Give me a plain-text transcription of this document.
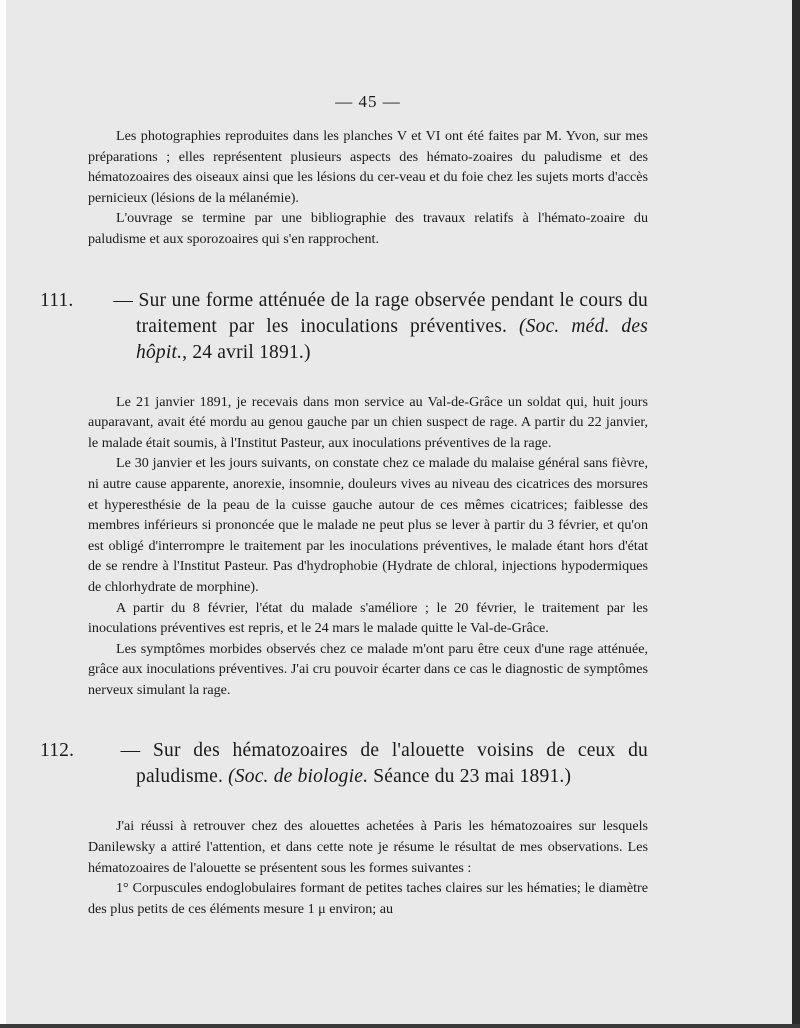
— 45 —

Les photographies reproduites dans les planches V et VI ont été faites par M. Yvon, sur mes préparations ; elles représentent plusieurs aspects des hémato-zoaires du paludisme et des hématozoaires des oiseaux ainsi que les lésions du cer-veau et du foie chez les sujets morts d'accès pernicieux (lésions de la mélanémie).

L'ouvrage se termine par une bibliographie des travaux relatifs à l'hémato-zoaire du paludisme et aux sporozoaires qui s'en rapprochent.

111. — Sur une forme atténuée de la rage observée pendant le cours du traitement par les inoculations préventives. (Soc. méd. des hôpit., 24 avril 1891.)

Le 21 janvier 1891, je recevais dans mon service au Val-de-Grâce un soldat qui, huit jours auparavant, avait été mordu au genou gauche par un chien suspect de rage. A partir du 22 janvier, le malade était soumis, à l'Institut Pasteur, aux inoculations préventives de la rage.

Le 30 janvier et les jours suivants, on constate chez ce malade du malaise général sans fièvre, ni autre cause apparente, anorexie, insomnie, douleurs vives au niveau des cicatrices des morsures et hyperesthésie de la peau de la cuisse gauche autour de ces mêmes cicatrices; faiblesse des membres inférieurs si prononcée que le malade ne peut plus se lever à partir du 3 février, et qu'on est obligé d'interrompre le traitement par les inoculations préventives, le malade étant hors d'état de se rendre à l'Institut Pasteur. Pas d'hydrophobie (Hydrate de chloral, injections hypodermiques de chlorhydrate de morphine).

A partir du 8 février, l'état du malade s'améliore ; le 20 février, le traitement par les inoculations préventives est repris, et le 24 mars le malade quitte le Val-de-Grâce.

Les symptômes morbides observés chez ce malade m'ont paru être ceux d'une rage atténuée, grâce aux inoculations préventives. J'ai cru pouvoir écarter dans ce cas le diagnostic de symptômes nerveux simulant la rage.

112. — Sur des hématozoaires de l'alouette voisins de ceux du paludisme. (Soc. de biologie. Séance du 23 mai 1891.)

J'ai réussi à retrouver chez des alouettes achetées à Paris les hématozoaires sur lesquels Danilewsky a attiré l'attention, et dans cette note je résume le résultat de mes observations. Les hématozoaires de l'alouette se présentent sous les formes suivantes :

1° Corpuscules endoglobulaires formant de petites taches claires sur les hématies; le diamètre des plus petits de ces éléments mesure 1 μ environ; au
